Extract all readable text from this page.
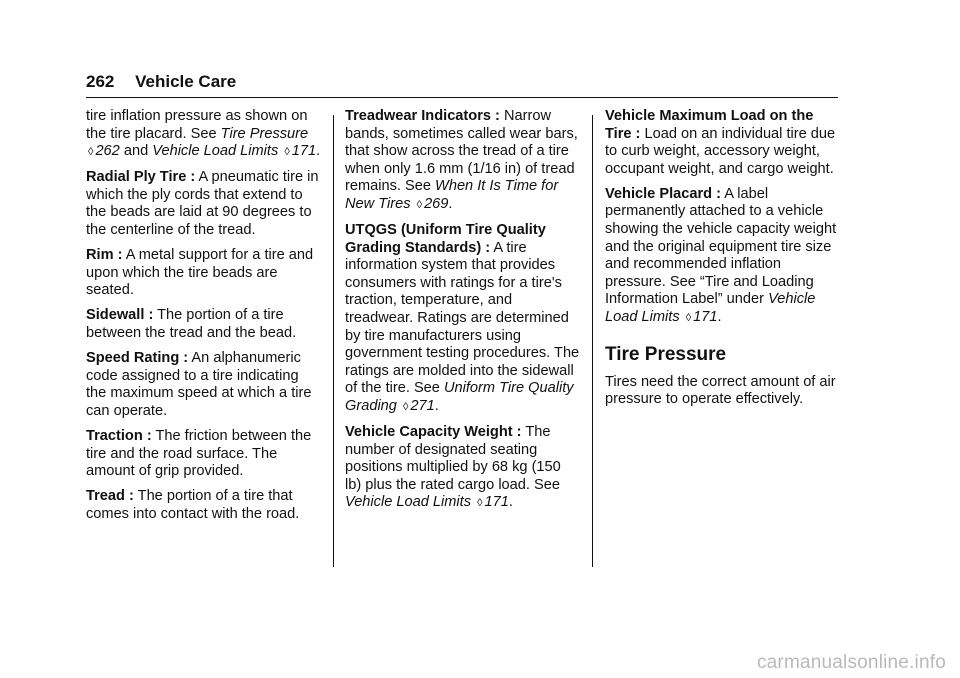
262 Vehicle Care

tire inflation pressure as shown on the tire placard. See Tire Pressure ◊ 262 and Vehicle Load Limits ◊ 171.

Radial Ply Tire : A pneumatic tire in which the ply cords that extend to the beads are laid at 90 degrees to the centerline of the tread.

Rim : A metal support for a tire and upon which the tire beads are seated.

Sidewall : The portion of a tire between the tread and the bead.

Speed Rating : An alphanumeric code assigned to a tire indicating the maximum speed at which a tire can operate.

Traction : The friction between the tire and the road surface. The amount of grip provided.

Tread : The portion of a tire that comes into contact with the road.

Treadwear Indicators : Narrow bands, sometimes called wear bars, that show across the tread of a tire when only 1.6 mm (1/16 in) of tread remains. See When It Is Time for New Tires ◊ 269.

UTQGS (Uniform Tire Quality Grading Standards) : A tire information system that provides consumers with ratings for a tire's traction, temperature, and treadwear. Ratings are determined by tire manufacturers using government testing procedures. The ratings are molded into the sidewall of the tire. See Uniform Tire Quality Grading ◊ 271.

Vehicle Capacity Weight : The number of designated seating positions multiplied by 68 kg (150 lb) plus the rated cargo load. See Vehicle Load Limits ◊ 171.

Vehicle Maximum Load on the Tire : Load on an individual tire due to curb weight, accessory weight, occupant weight, and cargo weight.

Vehicle Placard : A label permanently attached to a vehicle showing the vehicle capacity weight and the original equipment tire size and recommended inflation pressure. See “Tire and Loading Information Label” under Vehicle Load Limits ◊ 171.

Tire Pressure

Tires need the correct amount of air pressure to operate effectively.

carmanualsonline.info
